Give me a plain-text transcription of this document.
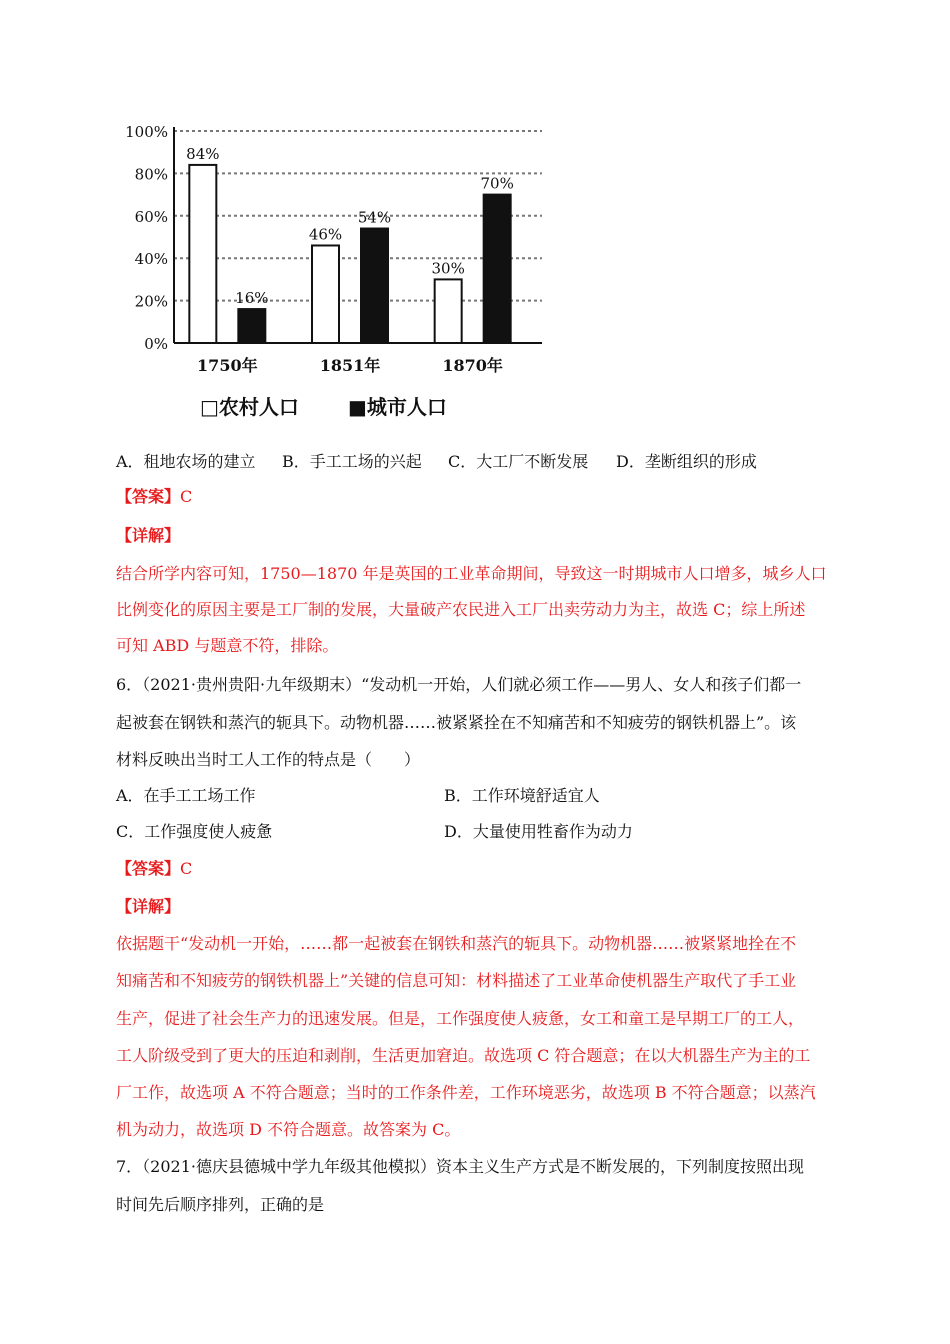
0%
20%
40%
60%
80%
100%
84%
16%
1750年
46%
54%
1851年
30%
70%
1870年
□农村人口 ■城市人口
A．租地农场的建立 B．手工工场的兴起 C．大工厂不断发展 D．垄断组织的形成
【答案】C
【详解】
结合所学内容可知，1750—1870 年是英国的工业革命期间，导致这一时期城市人口增多，城乡人口
比例变化的原因主要是工厂制的发展，大量破产农民进入工厂出卖劳动力为主，故选 C；综上所述
可知 ABD 与题意不符，排除。
6．（2021·贵州贵阳·九年级期末）“发动机一开始，人们就必须工作——男人、女人和孩子们都一
起被套在钢铁和蒸汽的轭具下。动物机器……被紧紧拴在不知痛苦和不知疲劳的钢铁机器上”。该
材料反映出当时工人工作的特点是（　　）
A．在手工工场工作	B．工作环境舒适宜人
C．工作强度使人疲惫	D．大量使用牲畜作为动力
【答案】C
【详解】
依据题干“发动机一开始，……都一起被套在钢铁和蒸汽的轭具下。动物机器……被紧紧地拴在不
知痛苦和不知疲劳的钢铁机器上”关键的信息可知：材料描述了工业革命使机器生产取代了手工业
生产，促进了社会生产力的迅速发展。但是，工作强度使人疲惫，女工和童工是早期工厂的工人，
工人阶级受到了更大的压迫和剥削，生活更加窘迫。故选项 C 符合题意；在以大机器生产为主的工
厂工作，故选项 A 不符合题意；当时的工作条件差，工作环境恶劣，故选项 B 不符合题意；以蒸汽
机为动力，故选项 D 不符合题意。故答案为 C。
7．（2021·德庆县德城中学九年级其他模拟）资本主义生产方式是不断发展的，下列制度按照出现
时间先后顺序排列，正确的是
